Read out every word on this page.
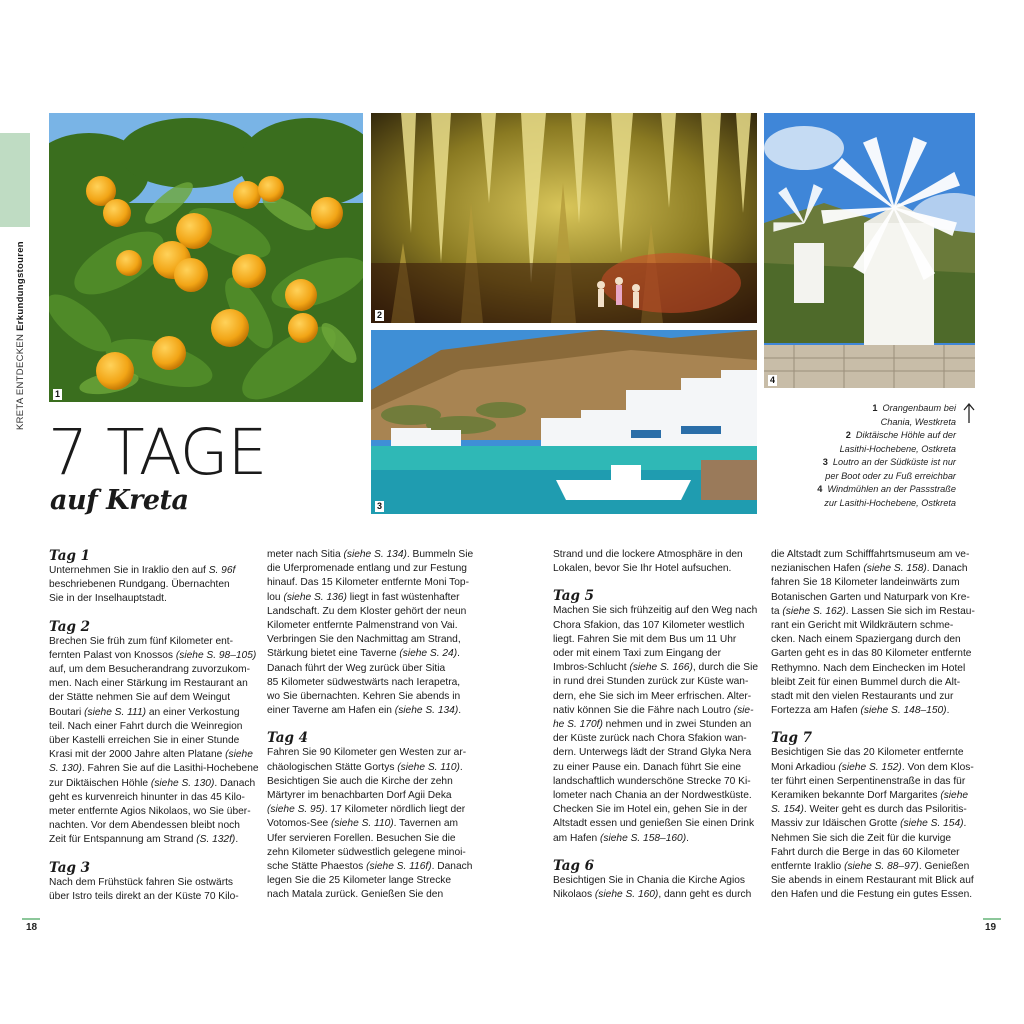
KRETA ENTDECKEN Erkundungstouren
1
2
3
4
7 TAGE
auf Kreta
1 Orangenbaum bei
Chania, Westkreta
2 Diktäische Höhle auf der
Lasithi-Hochebene, Ostkreta
3 Loutro an der Südküste ist nur
per Boot oder zu Fuß erreichbar
4 Windmühlen an der Passstraße
zur Lasithi-Hochebene, Ostkreta
Tag 1

Unternehmen Sie in Iraklio den auf S. 96f
beschriebenen Rundgang. Übernachten
Sie in der Inselhauptstadt.

Tag 2

Brechen Sie früh zum fünf Kilometer ent-
fernten Palast von Knossos (siehe S. 98–105)
auf, um dem Besucherandrang zuvorzukom-
men. Nach einer Stärkung im Restaurant an
der Stätte nehmen Sie auf dem Weingut
Boutari (siehe S. 111) an einer Verkostung
teil. Nach einer Fahrt durch die Weinregion
über Kastelli erreichen Sie in einer Stunde
Krasi mit der 2000 Jahre alten Platane (siehe
S. 130). Fahren Sie auf die Lasithi-Hochebene
zur Diktäischen Höhle (siehe S. 130). Danach
geht es kurvenreich hinunter in das 45 Kilo-
meter entfernte Agios Nikolaos, wo Sie über-
nachten. Vor dem Abendessen bleibt noch
Zeit für Entspannung am Strand (S. 132f).

Tag 3

Nach dem Frühstück fahren Sie ostwärts
über Istro teils direkt an der Küste 70 Kilo-

meter nach Sitia (siehe S. 134). Bummeln Sie
die Uferpromenade entlang und zur Festung
hinauf. Das 15 Kilometer entfernte Moni Top-
lou (siehe S. 136) liegt in fast wüstenhafter
Landschaft. Zu dem Kloster gehört der neun
Kilometer entfernte Palmenstrand von Vai.
Verbringen Sie den Nachmittag am Strand,
Stärkung bietet eine Taverne (siehe S. 24).
Danach führt der Weg zurück über Sitia
85 Kilometer südwestwärts nach Ierapetra,
wo Sie übernachten. Kehren Sie abends in
einer Taverne am Hafen ein (siehe S. 134).

Tag 4

Fahren Sie 90 Kilometer gen Westen zur ar-
chäologischen Stätte Gortys (siehe S. 110).
Besichtigen Sie auch die Kirche der zehn
Märtyrer im benachbarten Dorf Agii Deka
(siehe S. 95). 17 Kilometer nördlich liegt der
Votomos-See (siehe S. 110). Tavernen am
Ufer servieren Forellen. Besuchen Sie die
zehn Kilometer südwestlich gelegene minoi-
sche Stätte Phaestos (siehe S. 116f). Danach
legen Sie die 25 Kilometer lange Strecke
nach Matala zurück. Genießen Sie den

Strand und die lockere Atmosphäre in den
Lokalen, bevor Sie Ihr Hotel aufsuchen.

Tag 5

Machen Sie sich frühzeitig auf den Weg nach
Chora Sfakion, das 107 Kilometer westlich
liegt. Fahren Sie mit dem Bus um 11 Uhr
oder mit einem Taxi zum Eingang der
Imbros-Schlucht (siehe S. 166), durch die Sie
in rund drei Stunden zurück zur Küste wan-
dern, ehe Sie sich im Meer erfrischen. Alter-
nativ können Sie die Fähre nach Loutro (sie-
he S. 170f) nehmen und in zwei Stunden an
der Küste zurück nach Chora Sfakion wan-
dern. Unterwegs lädt der Strand Glyka Nera
zu einer Pause ein. Danach führt Sie eine
landschaftlich wunderschöne Strecke 70 Ki-
lometer nach Chania an der Nordwestküste.
Checken Sie im Hotel ein, gehen Sie in der
Altstadt essen und genießen Sie einen Drink
am Hafen (siehe S. 158–160).

Tag 6

Besichtigen Sie in Chania die Kirche Agios
Nikolaos (siehe S. 160), dann geht es durch

die Altstadt zum Schifffahrtsmuseum am ve-
nezianischen Hafen (siehe S. 158). Danach
fahren Sie 18 Kilometer landeinwärts zum
Botanischen Garten und Naturpark von Kre-
ta (siehe S. 162). Lassen Sie sich im Restau-
rant ein Gericht mit Wildkräutern schme-
cken. Nach einem Spaziergang durch den
Garten geht es in das 80 Kilometer entfernte
Rethymno. Nach dem Einchecken im Hotel
bleibt Zeit für einen Bummel durch die Alt-
stadt mit den vielen Restaurants und zur
Fortezza am Hafen (siehe S. 148–150).

Tag 7

Besichtigen Sie das 20 Kilometer entfernte
Moni Arkadiou (siehe S. 152). Von dem Klos-
ter führt einen Serpentinenstraße in das für
Keramiken bekannte Dorf Margarites (siehe
S. 154). Weiter geht es durch das Psiloritis-
Massiv zur Idäischen Grotte (siehe S. 154).
Nehmen Sie sich die Zeit für die kurvige
Fahrt durch die Berge in das 60 Kilometer
entfernte Iraklio (siehe S. 88–97). Genießen
Sie abends in einem Restaurant mit Blick auf
den Hafen und die Festung ein gutes Essen.

18	19
